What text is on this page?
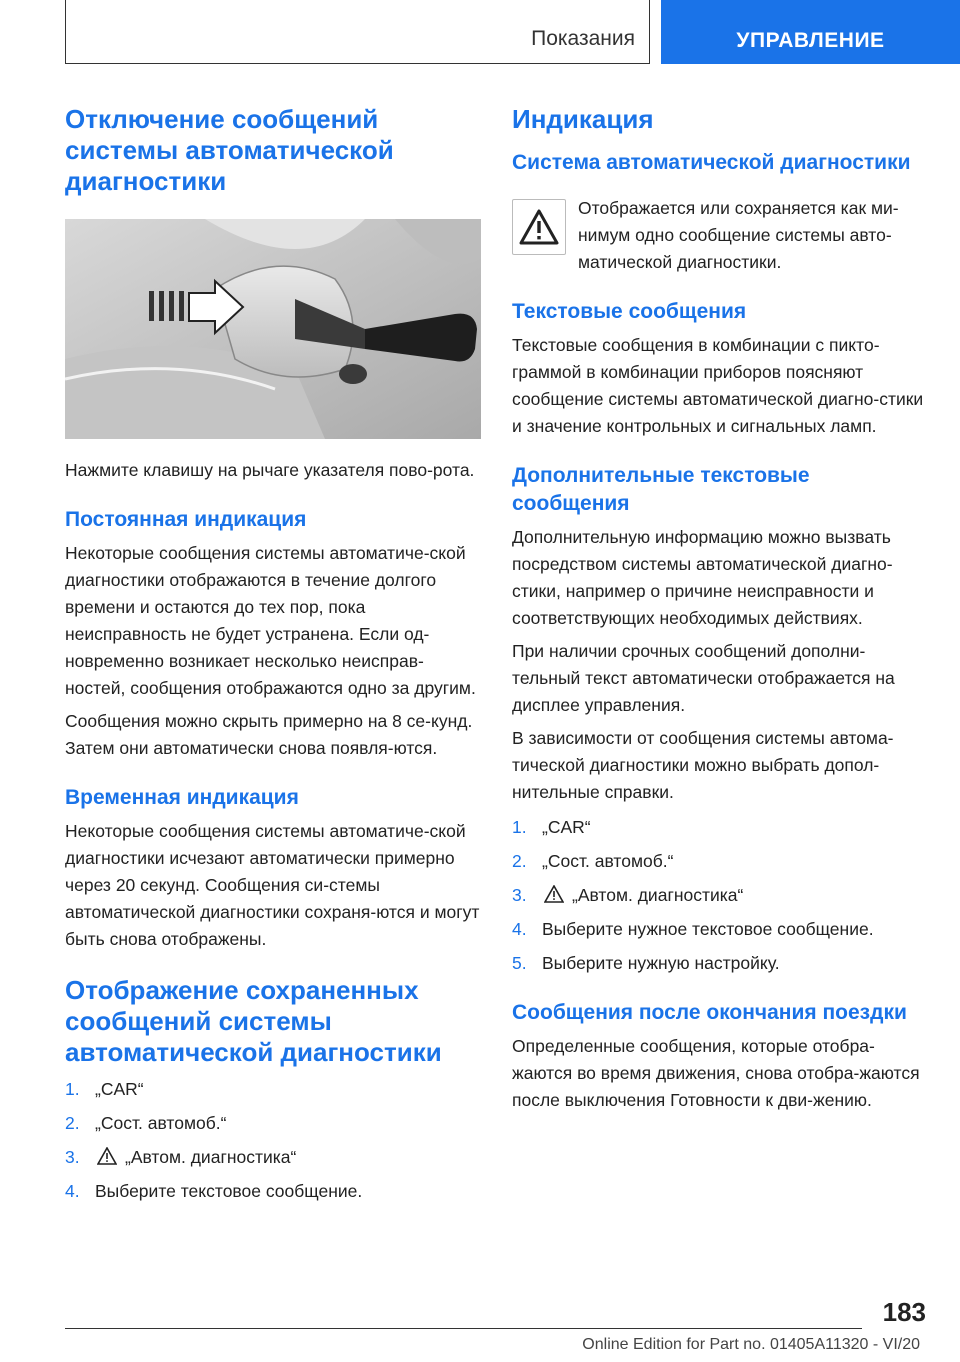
Показания	УПРАВЛЕНИЕ
Отключение сообщений системы автоматической диагностики

Нажмите клавишу на рычаге указателя пово-рота.

Постоянная индикация

Некоторые сообщения системы автоматиче-ской диагностики отображаются в течение долгого времени и остаются до тех пор, пока неисправность не будет устранена. Если од-новременно возникает несколько неисправ-ностей, сообщения отображаются одно за другим.

Сообщения можно скрыть примерно на 8 се-кунд. Затем они автоматически снова появля-ются.

Временная индикация

Некоторые сообщения системы автоматиче-ской диагностики исчезают автоматически примерно через 20 секунд. Сообщения си-стемы автоматической диагностики сохраня-ются и могут быть снова отображены.

Отображение сохраненных сообщений системы автоматической диагностики
1. „CAR“
2. „Сост. автомоб.“
3.	„Автом. диагностика“
4. Выберите текстовое сообщение.
Индикация
Система автоматической диагностики

Отображается или сохраняется как ми-нимум одно сообщение системы авто-матической диагностики.

Текстовые сообщения

Текстовые сообщения в комбинации с пикто-граммой в комбинации приборов поясняют сообщение системы автоматической диагно-стики и значение контрольных и сигнальных ламп.

Дополнительные текстовые сообщения

Дополнительную информацию можно вызвать посредством системы автоматической диагно-стики, например о причине неисправности и соответствующих необходимых действиях.

При наличии срочных сообщений дополни-тельный текст автоматически отображается на дисплее управления.

В зависимости от сообщения системы автома-тической диагностики можно выбрать допол-нительные справки.

1. „CAR“
2. „Сост. автомоб.“
3.	„Автом. диагностика“
4. Выберите нужное текстовое сообщение.
5. Выберите нужную настройку.
Сообщения после окончания поездки

Определенные сообщения, которые отобра-жаются во время движения, снова отобра-жаются после выключения Готовности к дви-жению.

183
Online Edition for Part no. 01405A11320 - VI/20
